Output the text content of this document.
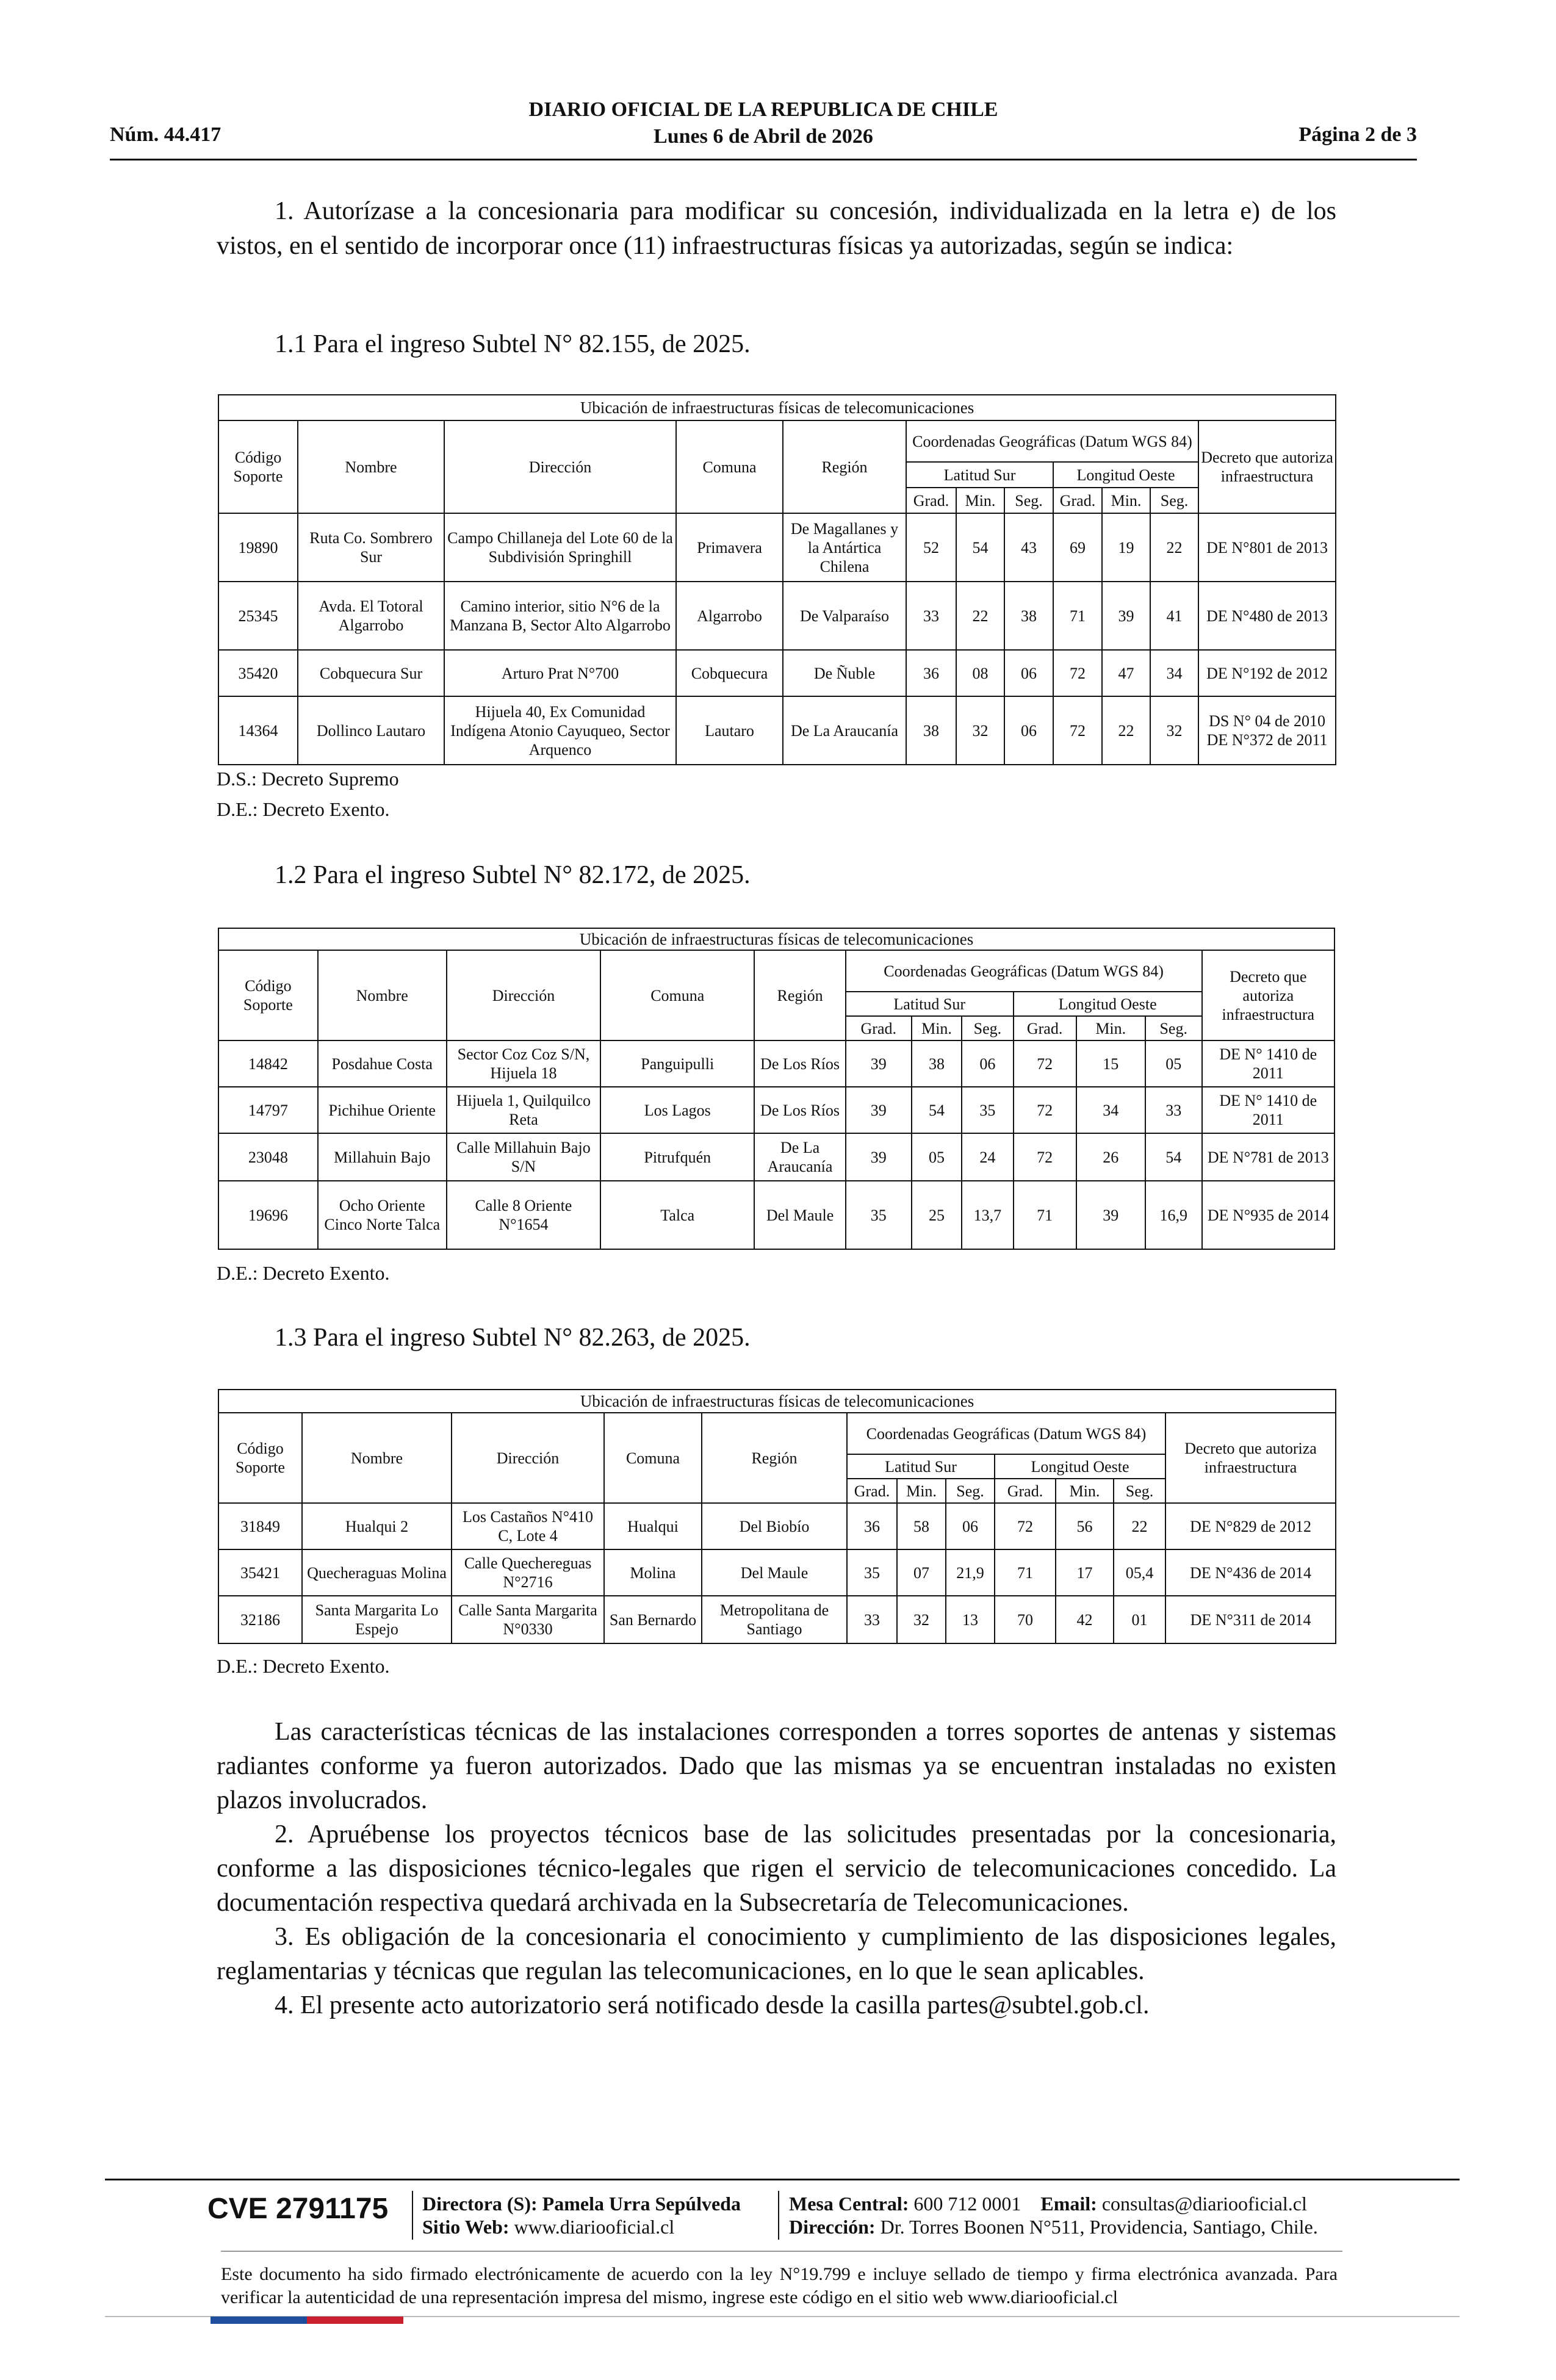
DIARIO OFICIAL DE LA REPUBLICA DE CHILE
Lunes 6 de Abril de 2026
Núm. 44.417	Página 2 de 3
1. Autorízase a la concesionaria para modificar su concesión, individualizada en la letra e) de los vistos, en el sentido de incorporar once (11) infraestructuras físicas ya autorizadas, según se indica:
1.1 Para el ingreso Subtel N° 82.155, de 2025.
Ubicación de infraestructuras físicas de telecomunicaciones											
Código Soporte	Nombre	Dirección	Comuna	Región	Coordenadas Geográficas (Datum WGS 84)						Decreto que autoriza infraestructura
					Latitud Sur			Longitud Oeste			
					Grad.	Min.	Seg.	Grad.	Min.	Seg.	
19890	Ruta Co. Sombrero Sur	Campo Chillaneja del Lote 60 de la Subdivisión Springhill	Primavera	De Magallanes y la Antártica Chilena	52	54	43	69	19	22	DE N°801 de 2013
25345	Avda. El Totoral Algarrobo	Camino interior, sitio N°6 de la Manzana B, Sector Alto Algarrobo	Algarrobo	De Valparaíso	33	22	38	71	39	41	DE N°480 de 2013
35420	Cobquecura Sur	Arturo Prat N°700	Cobquecura	De Ñuble	36	08	06	72	47	34	DE N°192 de 2012
14364	Dollinco Lautaro	Hijuela 40, Ex Comunidad Indígena Atonio Cayuqueo, Sector Arquenco	Lautaro	De La Araucanía	38	32	06	72	22	32	DS N° 04 de 2010 DE N°372 de 2011
D.S.: Decreto Supremo
D.E.: Decreto Exento.
1.2 Para el ingreso Subtel N° 82.172, de 2025.
Ubicación de infraestructuras físicas de telecomunicaciones											
Código Soporte	Nombre	Dirección	Comuna	Región	Coordenadas Geográficas (Datum WGS 84)						Decreto que autoriza infraestructura
					Latitud Sur			Longitud Oeste			
					Grad.	Min.	Seg.	Grad.	Min.	Seg.	
14842	Posdahue Costa	Sector Coz Coz S/N, Hijuela 18	Panguipulli	De Los Ríos	39	38	06	72	15	05	DE N° 1410 de 2011
14797	Pichihue Oriente	Hijuela 1, Quilquilco Reta	Los Lagos	De Los Ríos	39	54	35	72	34	33	DE N° 1410 de 2011
23048	Millahuin Bajo	Calle Millahuin Bajo S/N	Pitrufquén	De La Araucanía	39	05	24	72	26	54	DE N°781 de 2013
19696	Ocho Oriente Cinco Norte Talca	Calle 8 Oriente N°1654	Talca	Del Maule	35	25	13,7	71	39	16,9	DE N°935 de 2014
D.E.: Decreto Exento.
1.3 Para el ingreso Subtel N° 82.263, de 2025.
Ubicación de infraestructuras físicas de telecomunicaciones											
Código Soporte	Nombre	Dirección	Comuna	Región	Coordenadas Geográficas (Datum WGS 84)						Decreto que autoriza infraestructura
					Latitud Sur			Longitud Oeste			
					Grad.	Min.	Seg.	Grad.	Min.	Seg.	
31849	Hualqui 2	Los Castaños N°410 C, Lote 4	Hualqui	Del Biobío	36	58	06	72	56	22	DE N°829 de 2012
35421	Quecheraguas Molina	Calle Quechereguas N°2716	Molina	Del Maule	35	07	21,9	71	17	05,4	DE N°436 de 2014
32186	Santa Margarita Lo Espejo	Calle Santa Margarita N°0330	San Bernardo	Metropolitana de Santiago	33	32	13	70	42	01	DE N°311 de 2014
D.E.: Decreto Exento.

Las características técnicas de las instalaciones corresponden a torres soportes de antenas y sistemas radiantes conforme ya fueron autorizados. Dado que las mismas ya se encuentran instaladas no existen plazos involucrados.

2. Apruébense los proyectos técnicos base de las solicitudes presentadas por la concesionaria, conforme a las disposiciones técnico-legales que rigen el servicio de telecomunicaciones concedido. La documentación respectiva quedará archivada en la Subsecretaría de Telecomunicaciones.

3. Es obligación de la concesionaria el conocimiento y cumplimiento de las disposiciones legales, reglamentarias y técnicas que regulan las telecomunicaciones, en lo que le sean aplicables.

4. El presente acto autorizatorio será notificado desde la casilla partes@subtel.gob.cl.

CVE 2791175 Directora (S): Pamela Urra Sepúlveda
Sitio Web: www.diariooficial.cl
Mesa Central: 600 712 0001 Email: consultas@diariooficial.cl
Dirección: Dr. Torres Boonen N°511, Providencia, Santiago, Chile.
Este documento ha sido firmado electrónicamente de acuerdo con la ley N°19.799 e incluye sellado de tiempo y firma electrónica avanzada. Para verificar la autenticidad de una representación impresa del mismo, ingrese este código en el sitio web www.diariooficial.cl
